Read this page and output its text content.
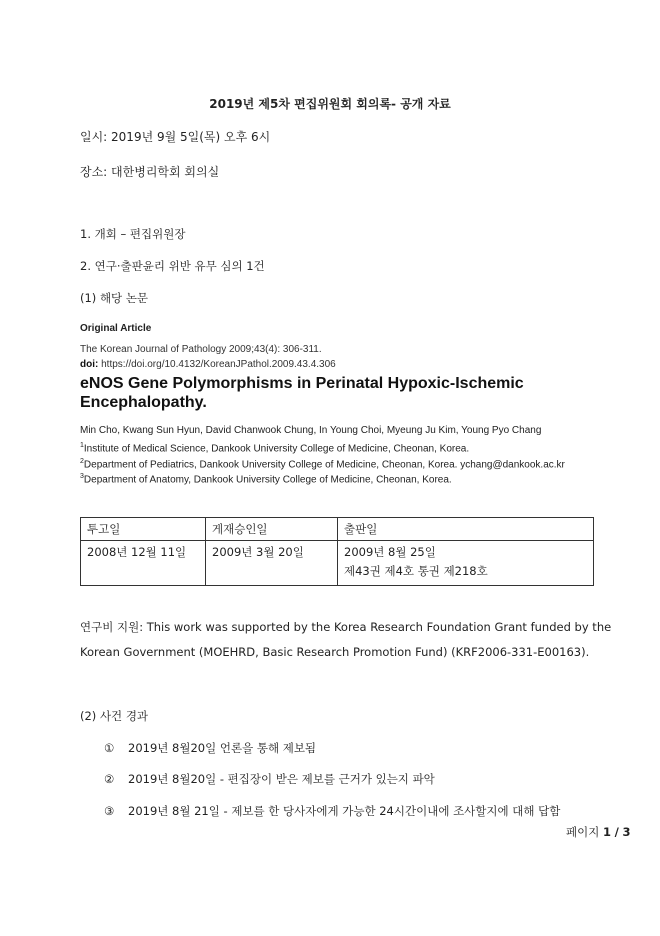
2019년 제5차 편집위원회 회의록- 공개 자료
일시: 2019년 9월 5일(목) 오후 6시
장소: 대한병리학회 회의실
1. 개회 – 편집위원장
2. 연구·출판윤리 위반 유무 심의 1건
(1) 해당 논문
Original Article
The Korean Journal of Pathology 2009;43(4): 306-311.
doi: https://doi.org/10.4132/KoreanJPathol.2009.43.4.306
eNOS Gene Polymorphisms in Perinatal Hypoxic-Ischemic
Encephalopathy.
Min Cho, Kwang Sun Hyun, David Chanwook Chung, In Young Choi, Myeung Ju Kim, Young Pyo Chang
$^1$Institute of Medical Science, Dankook University College of Medicine, Cheonan, Korea.
$^2$Department of Pediatrics, Dankook University College of Medicine, Cheonan, Korea. ychang@dankook.ac.kr
$^3$Department of Anatomy, Dankook University College of Medicine, Cheonan, Korea.
투고일	게재승인일	출판일
2008년 12월 11일	2009년 3월 20일	2009년 8월 25일
제43권 제4호 통권 제218호
연구비 지원: This work was supported by the Korea Research Foundation Grant funded by the
Korean Government (MOEHRD, Basic Research Promotion Fund) (KRF2006-331-E00163).
(2) 사건 경과
① 2019년 8월20일 언론을 통해 제보됨
② 2019년 8월20일 - 편집장이 받은 제보를 근거가 있는지 파악
③ 2019년 8월 21일 - 제보를 한 당사자에게 가능한 24시간이내에 조사할지에 대해 답함
페이지 1 / 3
